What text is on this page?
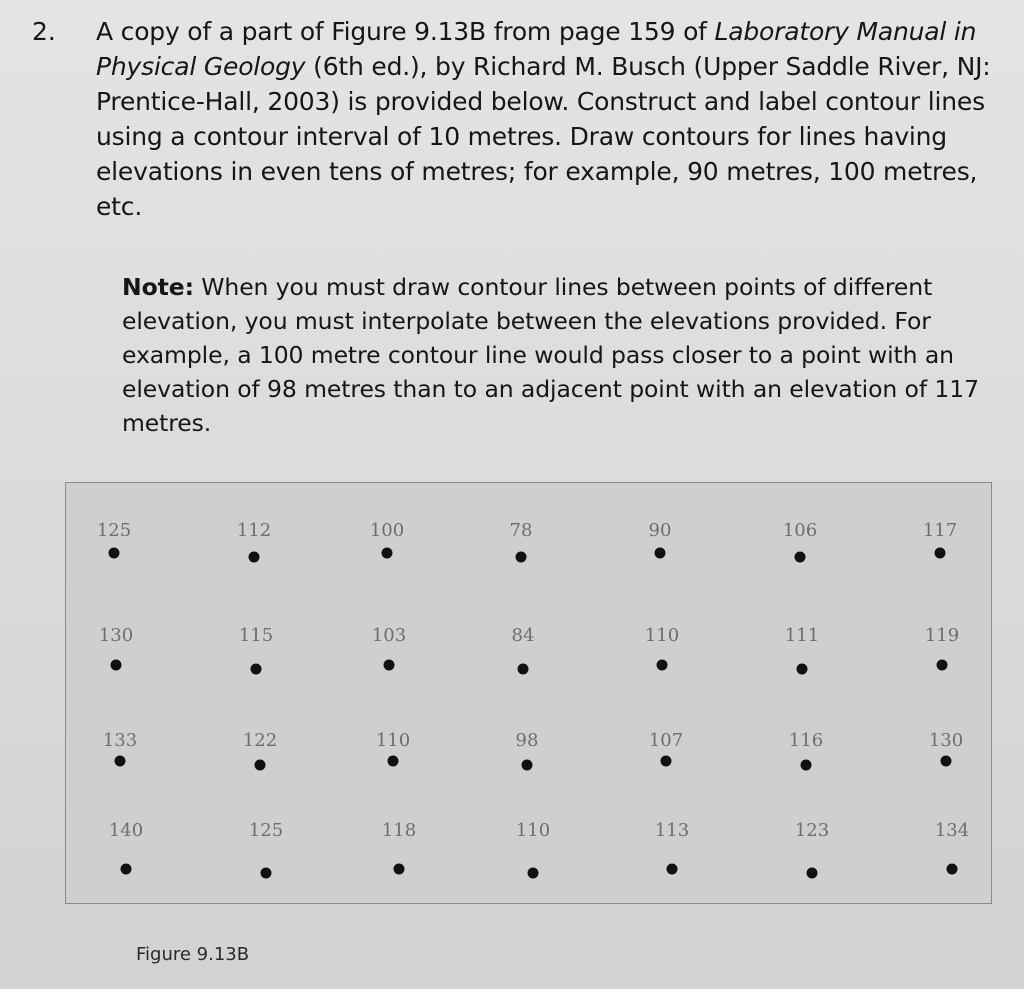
2. A copy of a part of Figure 9.13B from page 159 of Laboratory Manual in Physical Geology (6th ed.), by Richard M. Busch (Upper Saddle River, NJ: Prentice-Hall, 2003) is provided below. Construct and label contour lines using a contour interval of 10 metres. Draw contours for lines having elevations in even tens of metres; for example, 90 metres, 100 metres, etc.
Note: When you must draw contour lines between points of different elevation, you must interpolate between the elevations provided. For example, a 100 metre contour line would pass closer to a point with an elevation of 98 metres than to an adjacent point with an elevation of 117 metres.
125	112	100	78	90	106	117
130	115	103	84	110	111	119
133	122	110	98	107	116	130
140	125	118	110	113	123	134
Figure 9.13B
